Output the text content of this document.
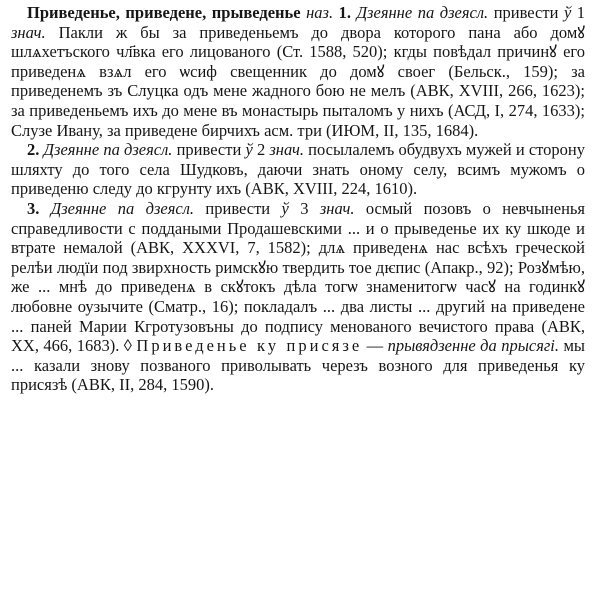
Приведенье, приведене, прыведенье наз. 1. Дзеянне па дзеясл. привести ў 1 знач. Пакли ж бы за приведеньемъ до двора которого пана або домꙋ шлѧхетъского чл҃вка его лицованого (Ст. 1588, 520); кгды повѣдал причинꙋ его приведенѧ взѧл его ѡсиф свещенник до домꙋ своег (Бельск., 159); за приведенемъ зъ Слуцка одъ мене жадного бою не мелъ (АВК, XVIII, 266, 1623); за приведеньемъ ихъ до мене въ монастырь пыталомъ у нихъ (АСД, I, 274, 1633); Слузе Ивану, за приведене бирчихъ асм. три (ИЮМ, II, 135, 1684).

2. Дзеянне па дзеясл. привести ў 2 знач. посылалемъ обудвухъ мужей и сторону шляхту до того села Шудковъ, даючи знать оному селу, всимъ мужомъ о приведеню следу до кгрунту ихъ (АВК, XVIII, 224, 1610).

3. Дзеянне па дзеясл. привести ў 3 знач. осмый позовъ о невчыненья справедливости с поддаными Продашевскими ... и о прыведенье их ку шкоде и втрате немалой (АВК, XXXVI, 7, 1582); длѧ приведенѧ нас всѣхъ греческой релѣи людїи под звирхность римскꙋю твердить тое дѥпис (Апакр., 92); Розꙋмѣю, же ... мнѣ до приведенѧ в скꙋтокъ дѣла тогѡ знаменитогѡ часꙋ на годинкꙋ любовне оузычите (Сматр., 16); покладалъ ... два листы ... другий на приведене ... паней Марии Кгротузовъны до подпису менованого вечистого права (АВК, XX, 466, 1683). ◊ Приведенье ку присязе — прывядзенне да прысягі. мы ... казали знову позваного приволывать черезъ возного для приведенья ку присязѣ (АВК, II, 284, 1590).
